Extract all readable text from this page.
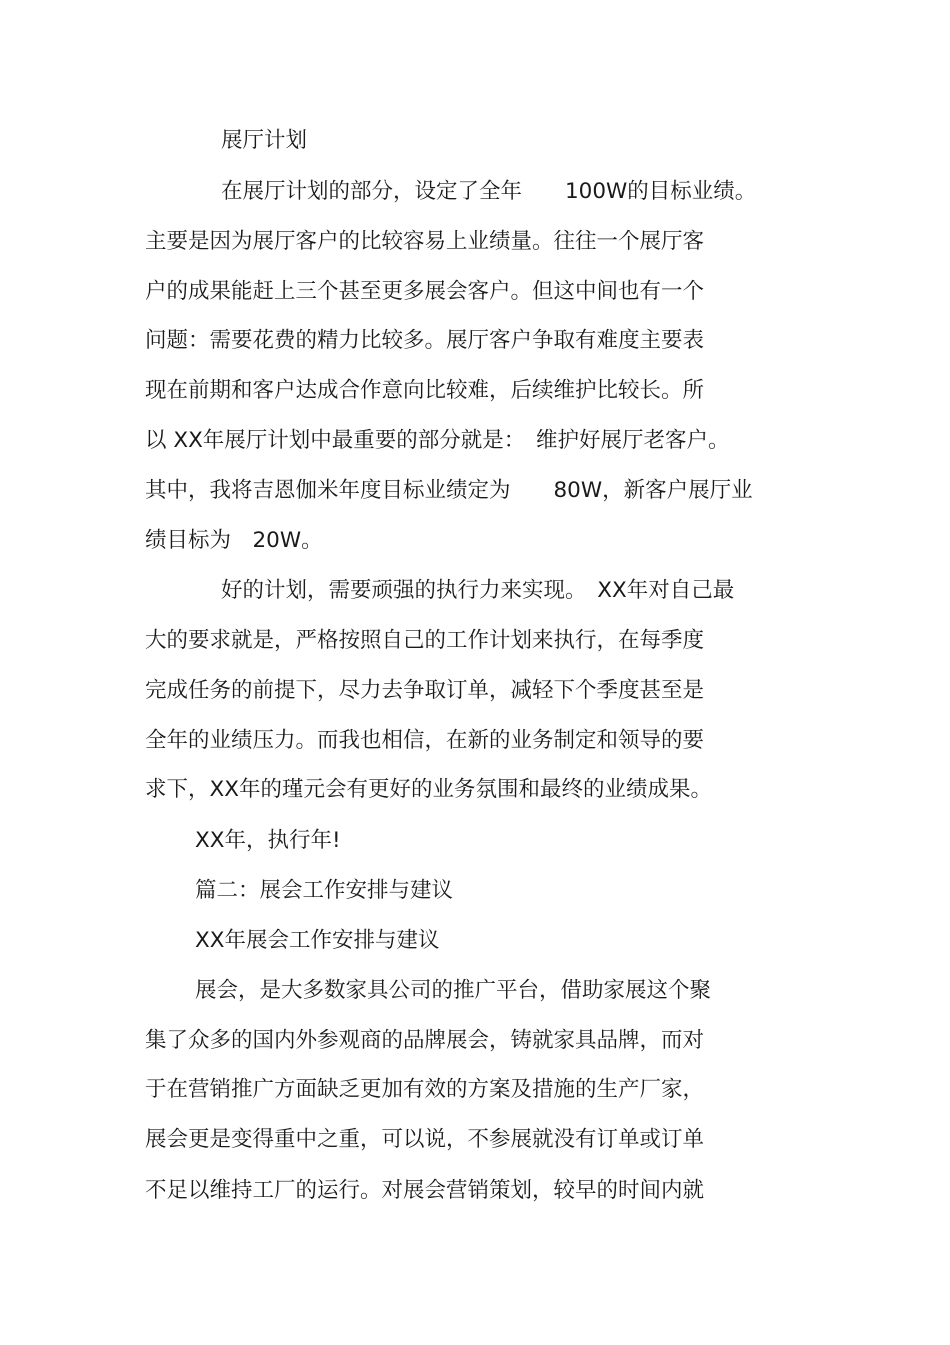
展厅计划

在展厅计划的部分，设定了全年　　100W的目标业绩。

主要是因为展厅客户的比较容易上业绩量。往往一个展厅客

户的成果能赶上三个甚至更多展会客户。但这中间也有一个

问题：需要花费的精力比较多。展厅客户争取有难度主要表

现在前期和客户达成合作意向比较难，后续维护比较长。所

以 XX年展厅计划中最重要的部分就是：　维护好展厅老客户。

其中，我将吉恩伽米年度目标业绩定为　　80W，新客户展厅业

绩目标为　20W。

好的计划，需要顽强的执行力来实现。　XX年对自己最

大的要求就是，严格按照自己的工作计划来执行，在每季度

完成任务的前提下，尽力去争取订单，减轻下个季度甚至是

全年的业绩压力。而我也相信，在新的业务制定和领导的要

求下，XX年的瑾元会有更好的业务氛围和最终的业绩成果。

XX年，执行年!

篇二：展会工作安排与建议

XX年展会工作安排与建议

展会，是大多数家具公司的推广平台，借助家展这个聚

集了众多的国内外参观商的品牌展会，铸就家具品牌，而对

于在营销推广方面缺乏更加有效的方案及措施的生产厂家，

展会更是变得重中之重，可以说，不参展就没有订单或订单

不足以维持工厂的运行。对展会营销策划，较早的时间内就
